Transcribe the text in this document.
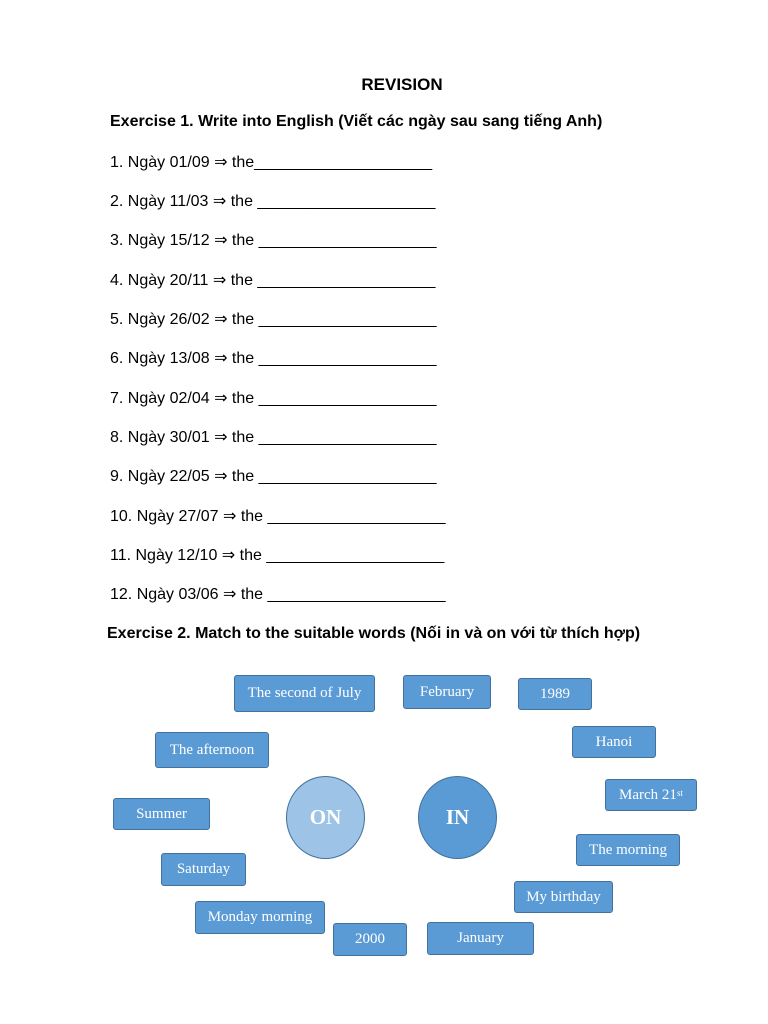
REVISION
Exercise 1. Write into English (Viết các ngày sau sang tiếng Anh)
1. Ngày 01/09 ⇒ the____________________
2. Ngày 11/03 ⇒ the ____________________
3. Ngày 15/12 ⇒ the ____________________
4. Ngày 20/11 ⇒ the ____________________
5. Ngày 26/02 ⇒ the ____________________
6. Ngày 13/08 ⇒ the ____________________
7. Ngày 02/04 ⇒ the ____________________
8. Ngày 30/01 ⇒ the ____________________
9. Ngày 22/05 ⇒ the ____________________
10. Ngày 27/07 ⇒ the ____________________
11. Ngày 12/10 ⇒ the ____________________
12. Ngày 03/06 ⇒ the ____________________
Exercise 2. Match to the suitable words (Nối in và on với từ thích hợp)
The second of July	February	1989
The afternoon	Hanoi
March 21st
Summer
The morning
Saturday
My birthday
Monday morning
2000	January
ON	IN
